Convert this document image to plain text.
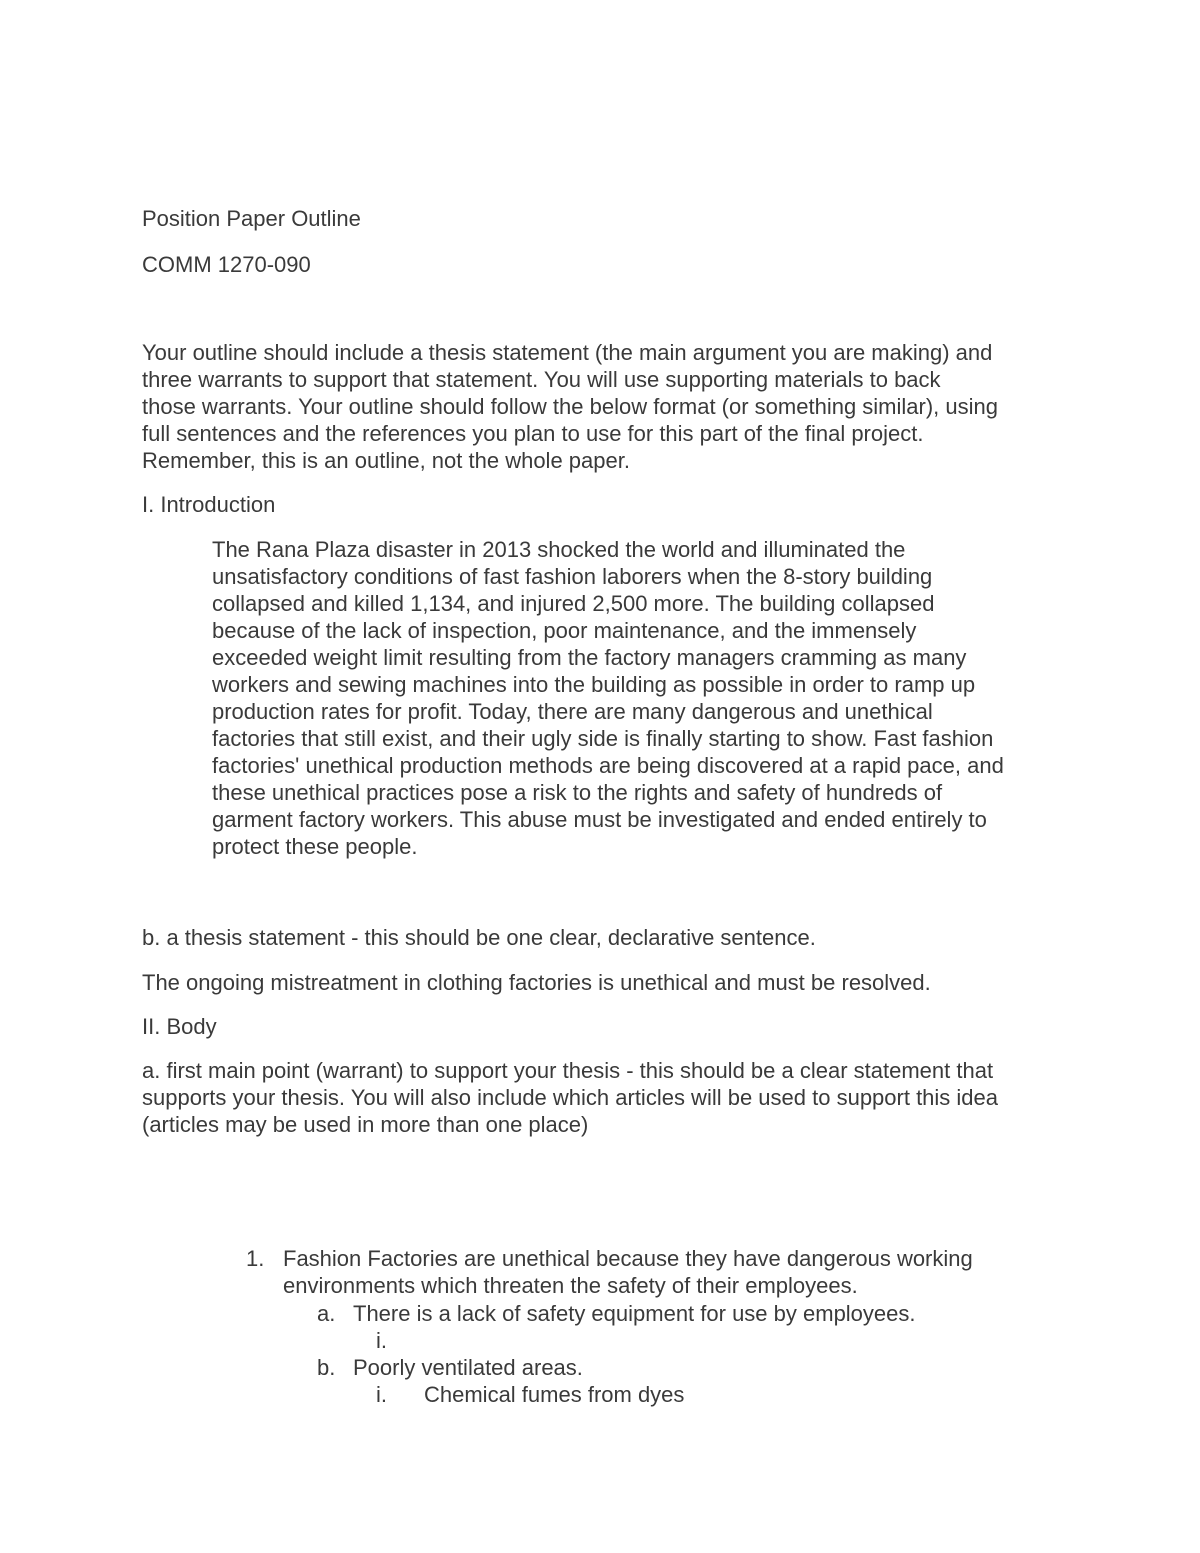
Position Paper Outline

COMM 1270-090

Your outline should include a thesis statement (the main argument you are making) and
three warrants to support that statement. You will use supporting materials to back
those warrants. Your outline should follow the below format (or something similar), using
full sentences and the references you plan to use for this part of the final project.
Remember, this is an outline, not the whole paper.

I. Introduction

The Rana Plaza disaster in 2013 shocked the world and illuminated the
unsatisfactory conditions of fast fashion laborers when the 8-story building
collapsed and killed 1,134, and injured 2,500 more. The building collapsed
because of the lack of inspection, poor maintenance, and the immensely
exceeded weight limit resulting from the factory managers cramming as many
workers and sewing machines into the building as possible in order to ramp up
production rates for profit. Today, there are many dangerous and unethical
factories that still exist, and their ugly side is finally starting to show. Fast fashion
factories' unethical production methods are being discovered at a rapid pace, and
these unethical practices pose a risk to the rights and safety of hundreds of
garment factory workers. This abuse must be investigated and ended entirely to
protect these people.

b. a thesis statement - this should be one clear, declarative sentence.

The ongoing mistreatment in clothing factories is unethical and must be resolved.

II. Body

a. first main point (warrant) to support your thesis - this should be a clear statement that
supports your thesis. You will also include which articles will be used to support this idea
(articles may be used in more than one place)
1. Fashion Factories are unethical because they have dangerous working
environments which threaten the safety of their employees.
a. There is a lack of safety equipment for use by employees.
i.
b. Poorly ventilated areas.
i. Chemical fumes from dyes
